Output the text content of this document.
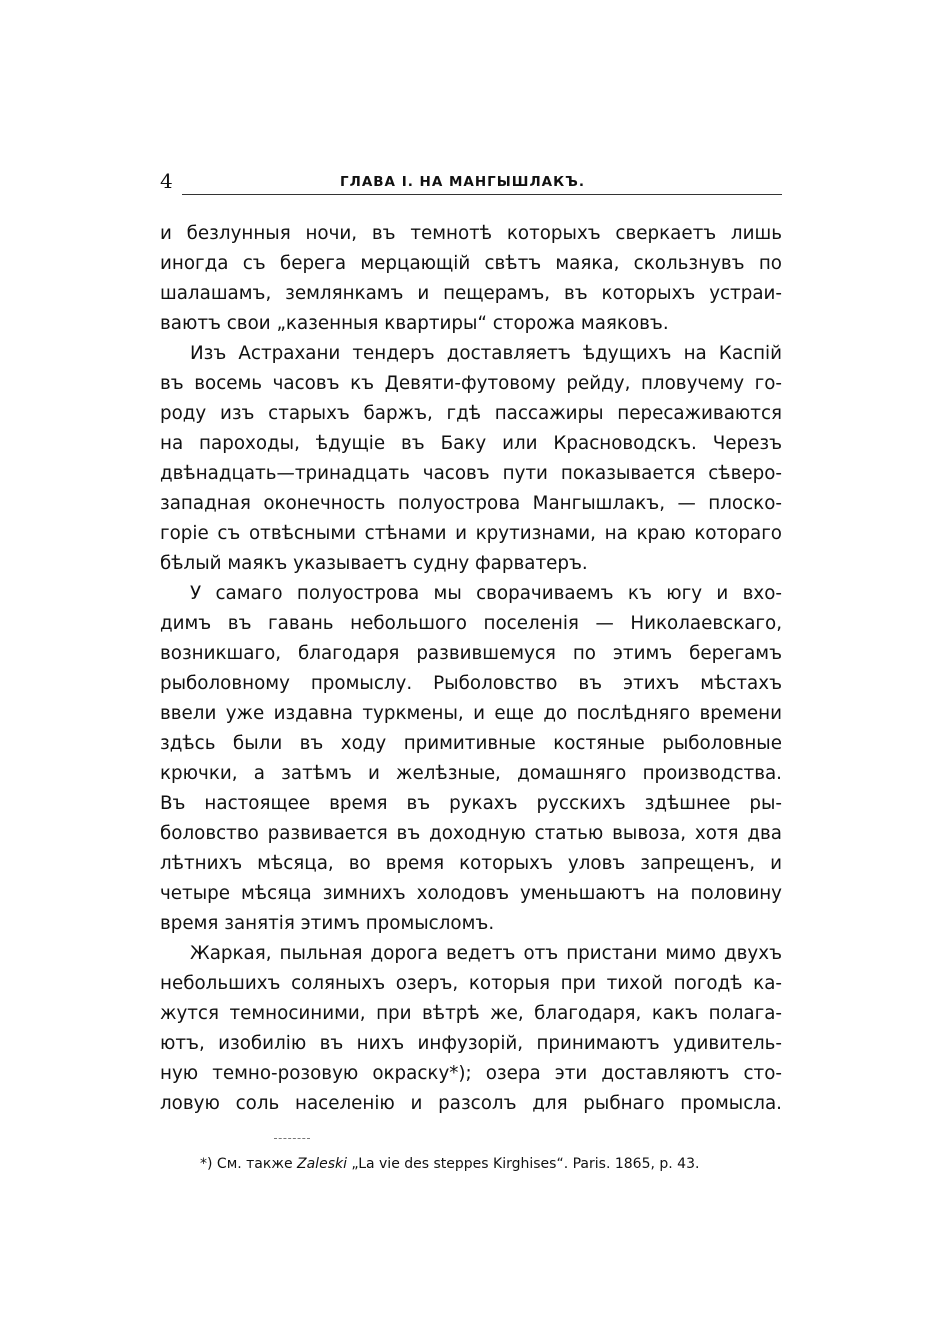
4	ГЛАВА I. НА МАНГЫШЛАКЪ.
и безлунныя ночи, въ темнотѣ которыхъ сверкаетъ лишь
иногда съ берега мерцающій свѣтъ маяка, скользнувъ по
шалашамъ, землянкамъ и пещерамъ, въ которыхъ устраи-
ваютъ свои „казенныя квартиры“ сторожа маяковъ.
Изъ Астрахани тендеръ доставляетъ ѣдущихъ на Каспій
въ восемь часовъ къ Девяти-футовому рейду, пловучему го-
роду изъ старыхъ баржъ, гдѣ пассажиры пересаживаются
на пароходы, ѣдущіе въ Баку или Красноводскъ. Черезъ
двѣнадцать—тринадцать часовъ пути показывается сѣверо-
западная оконечность полуострова Мангышлакъ, — плоско-
горіе съ отвѣсными стѣнами и крутизнами, на краю котораго
бѣлый маякъ указываетъ судну фарватеръ.
У самаго полуострова мы сворачиваемъ къ югу и вхо-
димъ въ гавань небольшого поселенія — Николаевскаго,
возникшаго, благодаря развившемуся по этимъ берегамъ
рыболовному промыслу. Рыболовство въ этихъ мѣстахъ
ввели уже издавна туркмены, и еще до послѣдняго времени
здѣсь были въ ходу примитивные костяные рыболовные
крючки, а затѣмъ и желѣзные, домашняго производства.
Въ настоящее время въ рукахъ русскихъ здѣшнее ры-
боловство развивается въ доходную статью вывоза, хотя два
лѣтнихъ мѣсяца, во время которыхъ уловъ запрещенъ, и
четыре мѣсяца зимнихъ холодовъ уменьшаютъ на половину
время занятія этимъ промысломъ.
Жаркая, пыльная дорога ведетъ отъ пристани мимо двухъ
небольшихъ соляныхъ озеръ, которыя при тихой погодѣ ка-
жутся темносиними, при вѣтрѣ же, благодаря, какъ полага-
ютъ, изобилію въ нихъ инфузорій, принимаютъ удивитель-
ную темно-розовую окраску*); озера эти доставляютъ сто-
ловую соль населенію и разсолъ для рыбнаго промысла.
*) См. также Zaleski „La vie des steppes Kirghises“. Paris. 1865, p. 43.
